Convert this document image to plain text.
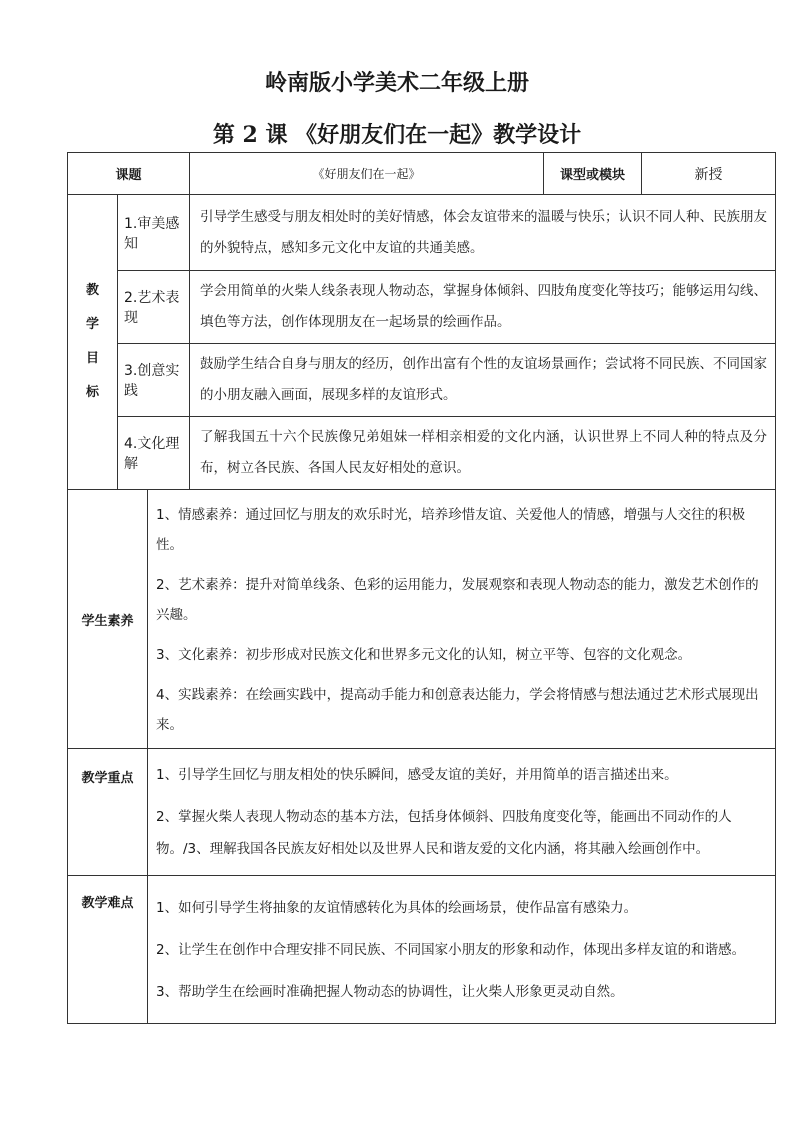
岭南版小学美术二年级上册
第 2 课 《好朋友们在一起》教学设计
课题			《好朋友们在一起》	课型或模块	新授

教
学
目
标	1.审美感知		引导学生感受与朋友相处时的美好情感，体会友谊带来的温暖与快乐；认识不同人种、民族朋友的外貌特点，感知多元文化中友谊的共通美感。		
	2.艺术表现		学会用简单的火柴人线条表现人物动态，掌握身体倾斜、四肢角度变化等技巧；能够运用勾线、填色等方法，创作体现朋友在一起场景的绘画作品。		
	3.创意实践		鼓励学生结合自身与朋友的经历，创作出富有个性的友谊场景画作；尝试将不同民族、不同国家的小朋友融入画面，展现多样的友谊形式。		
	4.文化理解		了解我国五十六个民族像兄弟姐妹一样相亲相爱的文化内涵，认识世界上不同人种的特点及分布，树立各民族、各国人民友好相处的意识。		
学生素养		1、情感素养：通过回忆与朋友的欢乐时光，培养珍惜友谊、关爱他人的情感，增强与人交往的积极性。

2、艺术素养：提升对简单线条、色彩的运用能力，发展观察和表现人物动态的能力，激发艺术创作的兴趣。

3、文化素养：初步形成对民族文化和世界多元文化的认知，树立平等、包容的文化观念。

4、实践素养：在绘画实践中，提高动手能力和创意表达能力，学会将情感与想法通过艺术形式展现出来。			

教学重点		1、引导学生回忆与朋友相处的快乐瞬间，感受友谊的美好，并用简单的语言描述出来。

2、掌握火柴人表现人物动态的基本方法，包括身体倾斜、四肢角度变化等，能画出不同动作的人物。/3、理解我国各民族友好相处以及世界人民和谐友爱的文化内涵，将其融入绘画创作中。			

教学难点		1、如何引导学生将抽象的友谊情感转化为具体的绘画场景，使作品富有感染力。

2、让学生在创作中合理安排不同民族、不同国家小朋友的形象和动作，体现出多样友谊的和谐感。

3、帮助学生在绘画时准确把握人物动态的协调性，让火柴人形象更灵动自然。			
